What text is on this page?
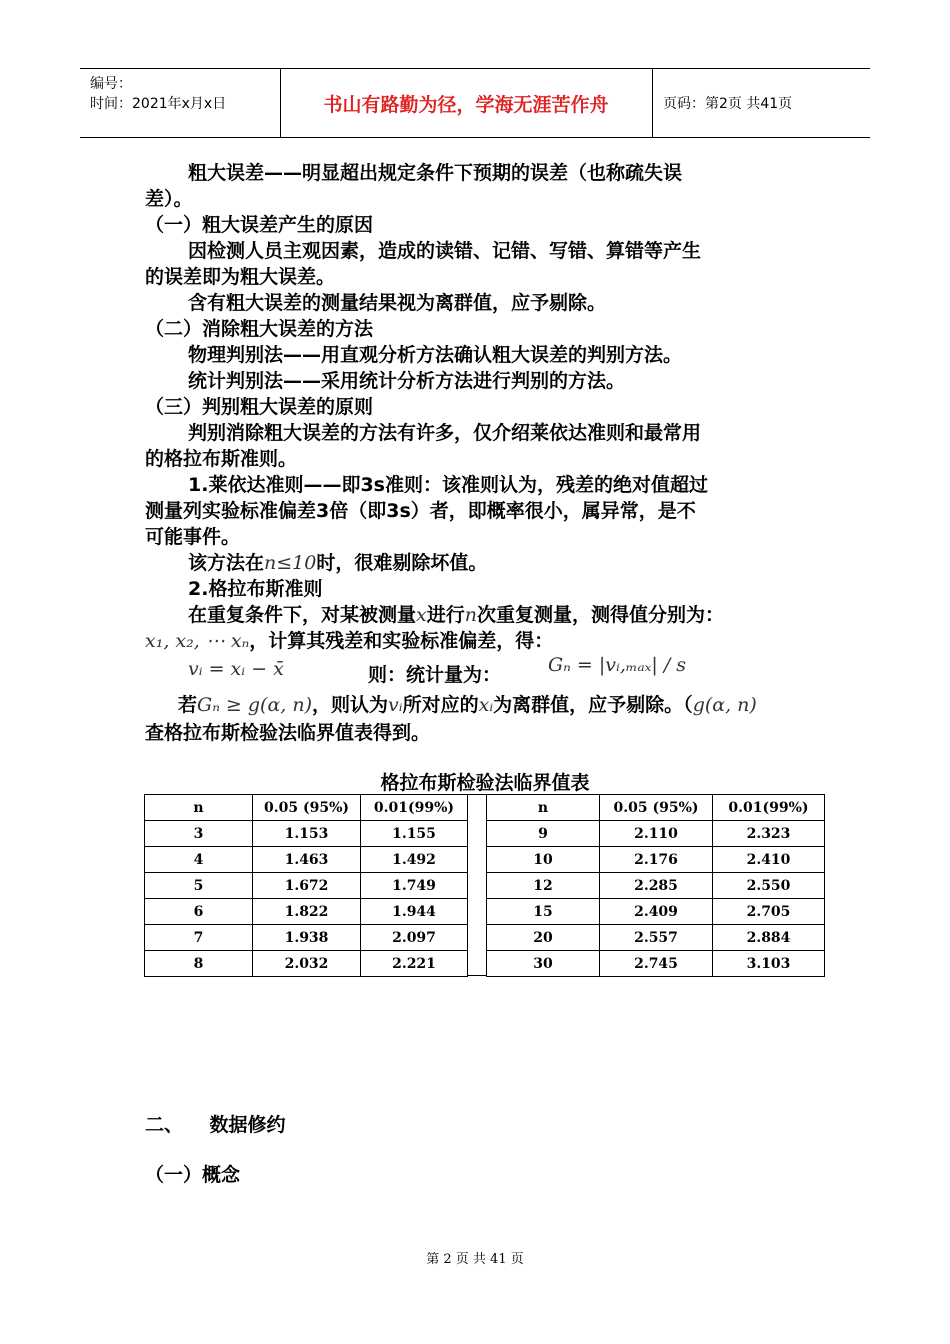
编号：
时间：2021年x月x日	书山有路勤为径，学海无涯苦作舟	页码：第2页 共41页
粗大误差——明显超出规定条件下预期的误差（也称疏失误
差）。
（一）粗大误差产生的原因
因检测人员主观因素，造成的读错、记错、写错、算错等产生
的误差即为粗大误差。
含有粗大误差的测量结果视为离群值，应予剔除。
（二）消除粗大误差的方法
物理判别法——用直观分析方法确认粗大误差的判别方法。
统计判别法——采用统计分析方法进行判别的方法。
（三）判别粗大误差的原则
判别消除粗大误差的方法有许多，仅介绍莱依达准则和最常用
的格拉布斯准则。
1.莱依达准则——即3s准则：该准则认为，残差的绝对值超过
测量列实验标准偏差3倍（即3s）者，即概率很小，属异常，是不
可能事件。
该方法在n≤10时，很难剔除坏值。
2.格拉布斯准则
在重复条件下，对某被测量x进行n次重复测量，测得值分别为：
x₁, x₂, ⋯ xₙ，计算其残差和实验标准偏差，得：
vᵢ = xᵢ − x̄	则：统计量为： Gₙ = |vᵢ,ₘₐₓ| / s
若Gₙ ≥ g(α, n)，则认为vᵢ所对应的xᵢ为离群值，应予剔除。（g(α, n)
查格拉布斯检验法临界值表得到。
格拉布斯检验法临界值表
n	0.05 (95%)	0.01(99%)
3	1.153	1.155
4	1.463	1.492
5	1.672	1.749
6	1.822	1.944
7	1.938	2.097
8	2.032	2.221
n	0.05 (95%)	0.01(99%)
9	2.110	2.323
10	2.176	2.410
12	2.285	2.550
15	2.409	2.705
20	2.557	2.884
30	2.745	3.103
二、    数据修约
（一）概念
第 2 页 共 41 页
